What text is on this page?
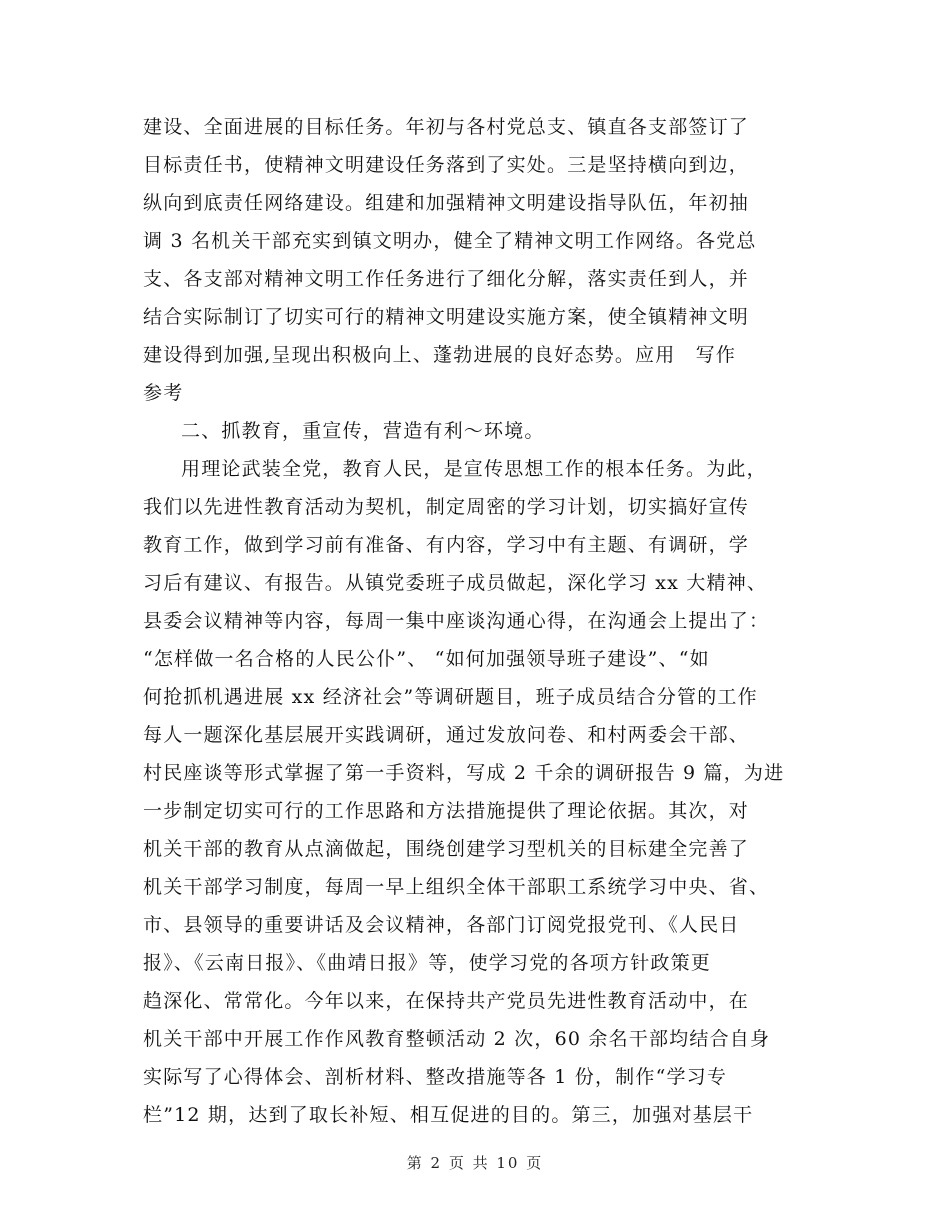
建设、全面进展的目标任务。年初与各村党总支、镇直各支部签订了
目标责任书，使精神文明建设任务落到了实处。三是坚持横向到边，
纵向到底责任网络建设。组建和加强精神文明建设指导队伍，年初抽
调 3 名机关干部充实到镇文明办，健全了精神文明工作网络。各党总
支、各支部对精神文明工作任务进行了细化分解，落实责任到人，并
结合实际制订了切实可行的精神文明建设实施方案，使全镇精神文明
建设得到加强,呈现出积极向上、蓬勃进展的良好态势。应用　写作
参考
二、抓教育，重宣传，营造有利～环境。
用理论武装全党，教育人民，是宣传思想工作的根本任务。为此，
我们以先进性教育活动为契机，制定周密的学习计划，切实搞好宣传
教育工作，做到学习前有准备、有内容，学习中有主题、有调研，学
习后有建议、有报告。从镇党委班子成员做起，深化学习 xx 大精神、
县委会议精神等内容，每周一集中座谈沟通心得，在沟通会上提出了：
“怎样做一名合格的人民公仆”、 “如何加强领导班子建设”、“如
何抢抓机遇进展 xx 经济社会”等调研题目，班子成员结合分管的工作
每人一题深化基层展开实践调研，通过发放问卷、和村两委会干部、
村民座谈等形式掌握了第一手资料，写成 2 千余的调研报告 9 篇，为进
一步制定切实可行的工作思路和方法措施提供了理论依据。其次，对
机关干部的教育从点滴做起，围绕创建学习型机关的目标建全完善了
机关干部学习制度，每周一早上组织全体干部职工系统学习中央、省、
市、县领导的重要讲话及会议精神，各部门订阅党报党刊、《人民日
报》、《云南日报》、《曲靖日报》等，使学习党的各项方针政策更
趋深化、常常化。今年以来，在保持共产党员先进性教育活动中，在
机关干部中开展工作作风教育整顿活动 2 次，60 余名干部均结合自身
实际写了心得体会、剖析材料、整改措施等各 1 份，制作“学习专
栏”12 期，达到了取长补短、相互促进的目的。第三，加强对基层干
第 2 页 共 10 页
